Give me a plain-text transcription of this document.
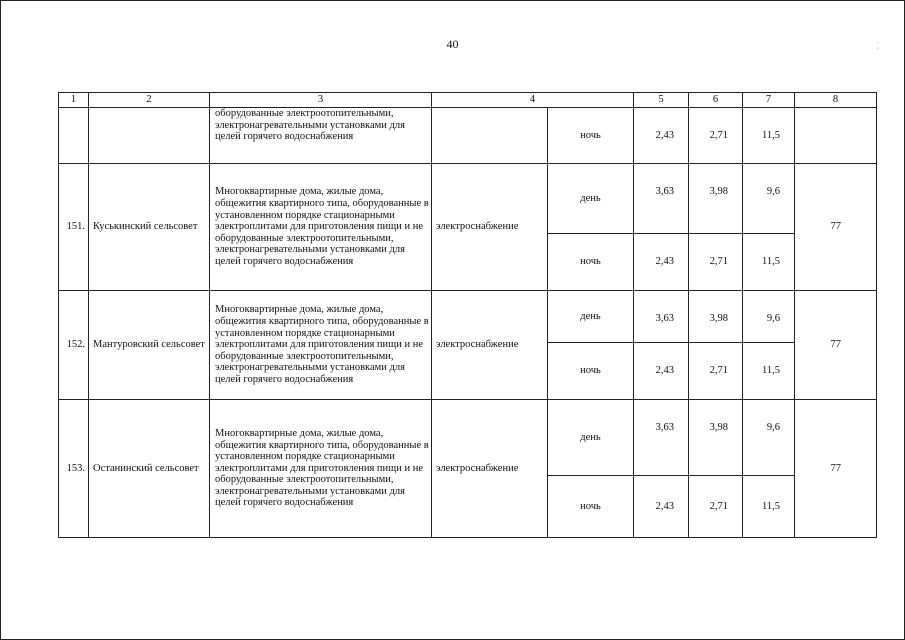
40	· ·
1	2	3	4		5	6	7	8
		оборудованные электроотопительными, электронагревательными установками для целей горячего водоснабжения		ночь	2,43	2,71	11,5	
151.	Куськинский сельсовет	Многоквартирные дома, жилые дома, общежития квартирного типа, оборудованные в установленном порядке стационарными электроплитами для приготовления пищи и не оборудованные электроотопительными, электронагревательными установками для целей горячего водоснабжения	электроснабжение	день	3,63	3,98	9,6	77
				ночь	2,43	2,71	11,5	
152.	Мантуровский сельсовет	Многоквартирные дома, жилые дома, общежития квартирного типа, оборудованные в установленном порядке стационарными электроплитами для приготовления пищи и не оборудованные электроотопительными, электронагревательными установками для целей горячего водоснабжения	электроснабжение	день	3,63	3,98	9,6	77
				ночь	2,43	2,71	11,5	
153.	Останинский сельсовет	Многоквартирные дома, жилые дома, общежития квартирного типа, оборудованные в установленном порядке стационарными электроплитами для приготовления пищи и не оборудованные электроотопительными, электронагревательными установками для целей горячего водоснабжения	электроснабжение	день	3,63	3,98	9,6	77
				ночь	2,43	2,71	11,5	
